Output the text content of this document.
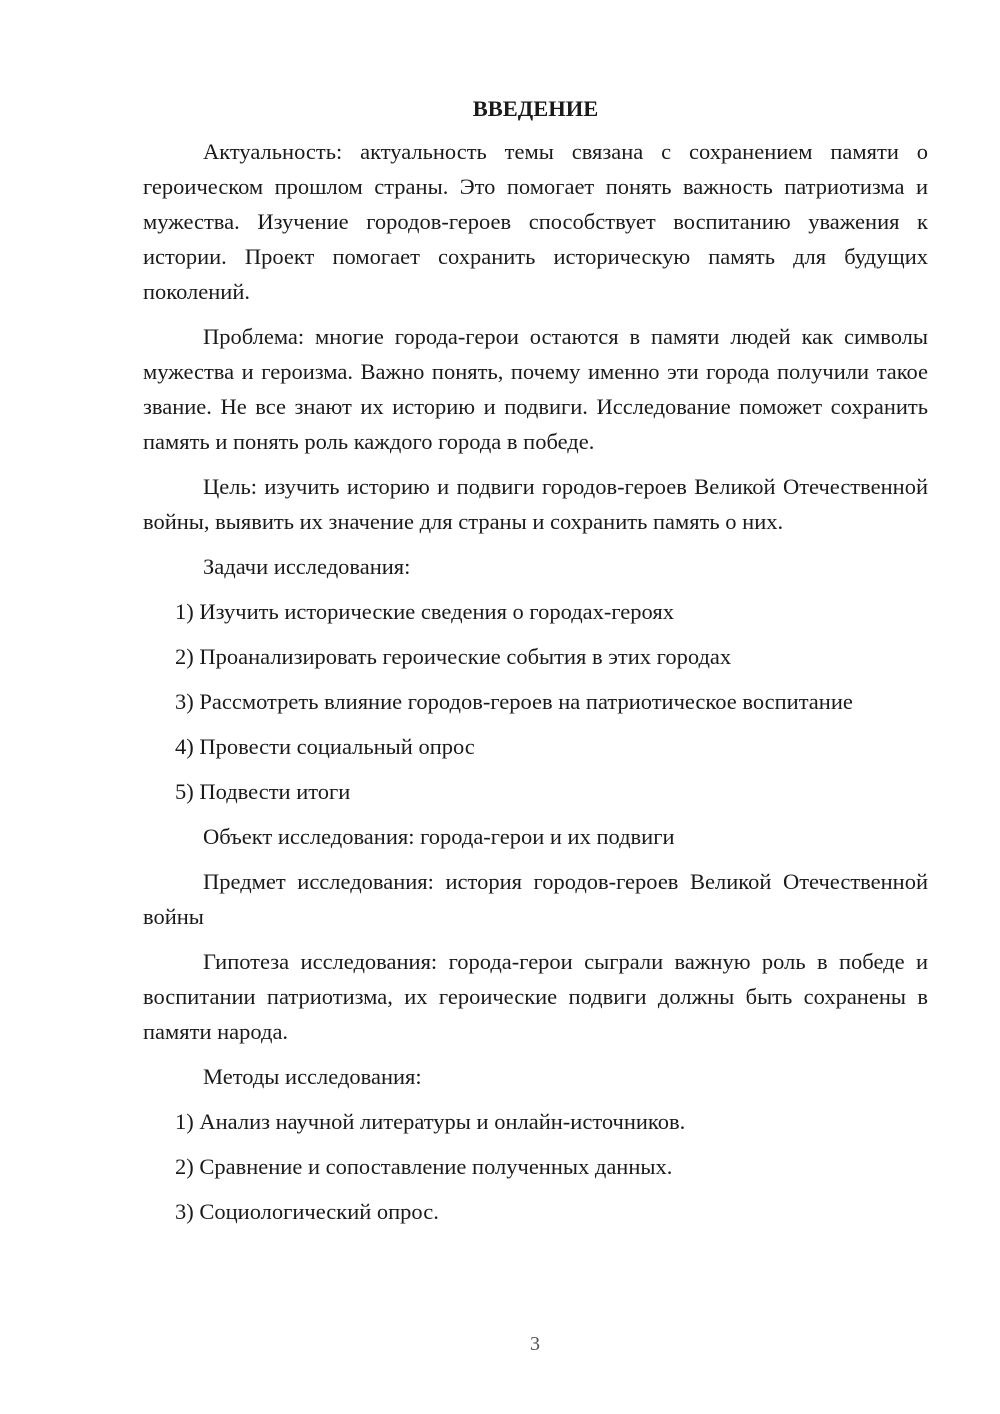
ВВЕДЕНИЕ

Актуальность: актуальность темы связана с сохранением памяти о героическом прошлом страны. Это помогает понять важность патриотизма и мужества. Изучение городов-героев способствует воспитанию уважения к истории. Проект помогает сохранить историческую память для будущих поколений.

Проблема: многие города-герои остаются в памяти людей как символы мужества и героизма. Важно понять, почему именно эти города получили такое звание. Не все знают их историю и подвиги. Исследование поможет сохранить память и понять роль каждого города в победе.

Цель: изучить историю и подвиги городов-героев Великой Отечественной войны, выявить их значение для страны и сохранить память о них.

Задачи исследования:

1) Изучить исторические сведения о городах-героях

2) Проанализировать героические события в этих городах

3) Рассмотреть влияние городов-героев на патриотическое воспитание

4) Провести социальный опрос

5) Подвести итоги

Объект исследования: города-герои и их подвиги

Предмет исследования: история городов-героев Великой Отечественной войны

Гипотеза исследования: города-герои сыграли важную роль в победе и воспитании патриотизма, их героические подвиги должны быть сохранены в памяти народа.

Методы исследования:

1) Анализ научной литературы и онлайн-источников.

2) Сравнение и сопоставление полученных данных.

3) Социологический опрос.

3
